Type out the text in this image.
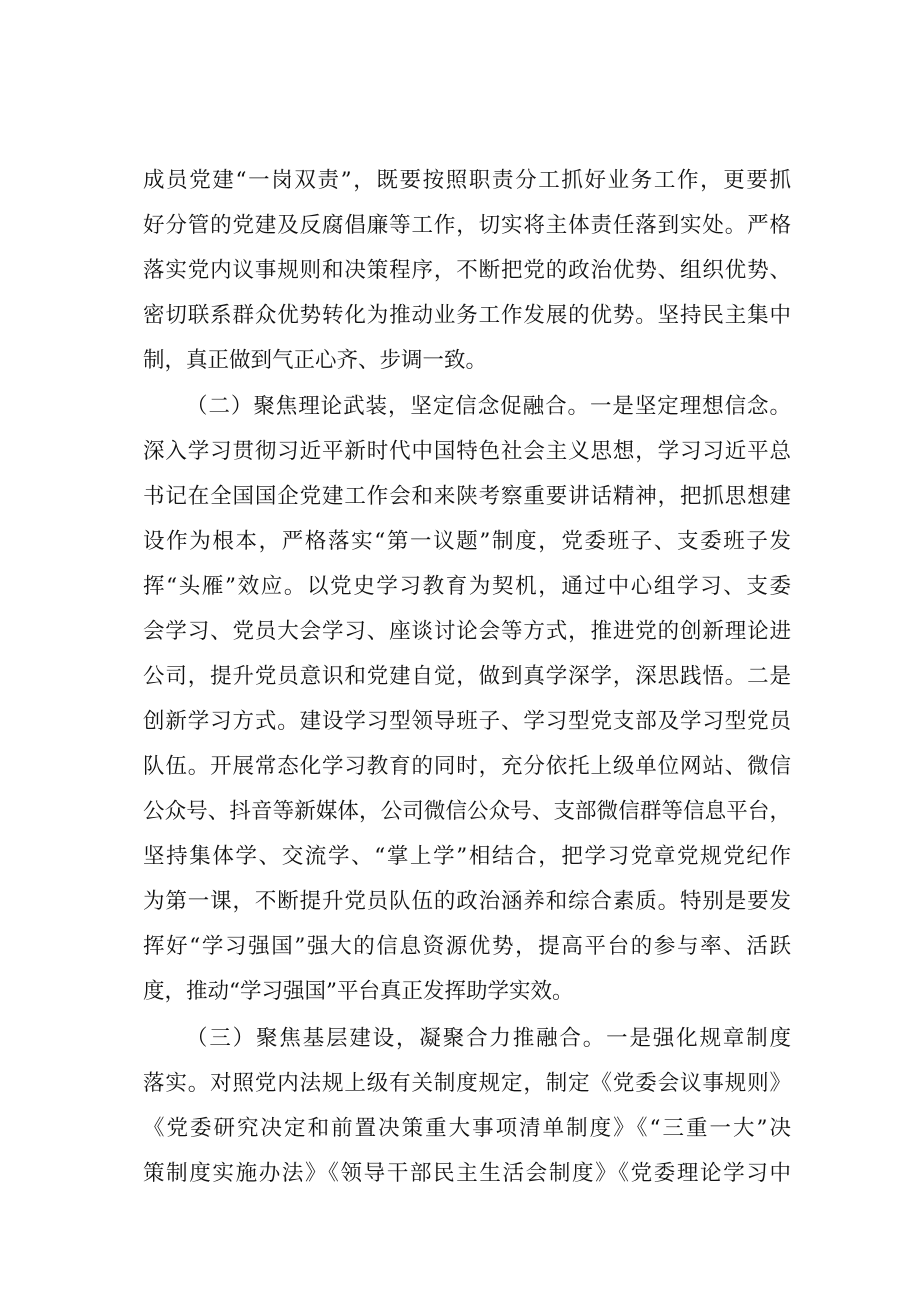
成员党建“一岗双责”，既要按照职责分工抓好业务工作，更要抓
好分管的党建及反腐倡廉等工作，切实将主体责任落到实处。严格
落实党内议事规则和决策程序，不断把党的政治优势、组织优势、
密切联系群众优势转化为推动业务工作发展的优势。坚持民主集中
制，真正做到气正心齐、步调一致。
（二）聚焦理论武装，坚定信念促融合。一是坚定理想信念。
深入学习贯彻习近平新时代中国特色社会主义思想，学习习近平总
书记在全国国企党建工作会和来陕考察重要讲话精神，把抓思想建
设作为根本，严格落实“第一议题”制度，党委班子、支委班子发
挥“头雁”效应。以党史学习教育为契机，通过中心组学习、支委
会学习、党员大会学习、座谈讨论会等方式，推进党的创新理论进
公司，提升党员意识和党建自觉，做到真学深学，深思践悟。二是
创新学习方式。建设学习型领导班子、学习型党支部及学习型党员
队伍。开展常态化学习教育的同时，充分依托上级单位网站、微信
公众号、抖音等新媒体，公司微信公众号、支部微信群等信息平台，
坚持集体学、交流学、“掌上学”相结合，把学习党章党规党纪作
为第一课，不断提升党员队伍的政治涵养和综合素质。特别是要发
挥好“学习强国”强大的信息资源优势，提高平台的参与率、活跃
度，推动“学习强国”平台真正发挥助学实效。
（三）聚焦基层建设，凝聚合力推融合。一是强化规章制度
落实。对照党内法规上级有关制度规定，制定《党委会议事规则》
《党委研究决定和前置决策重大事项清单制度》《“三重一大”决
策制度实施办法》《领导干部民主生活会制度》《党委理论学习中
